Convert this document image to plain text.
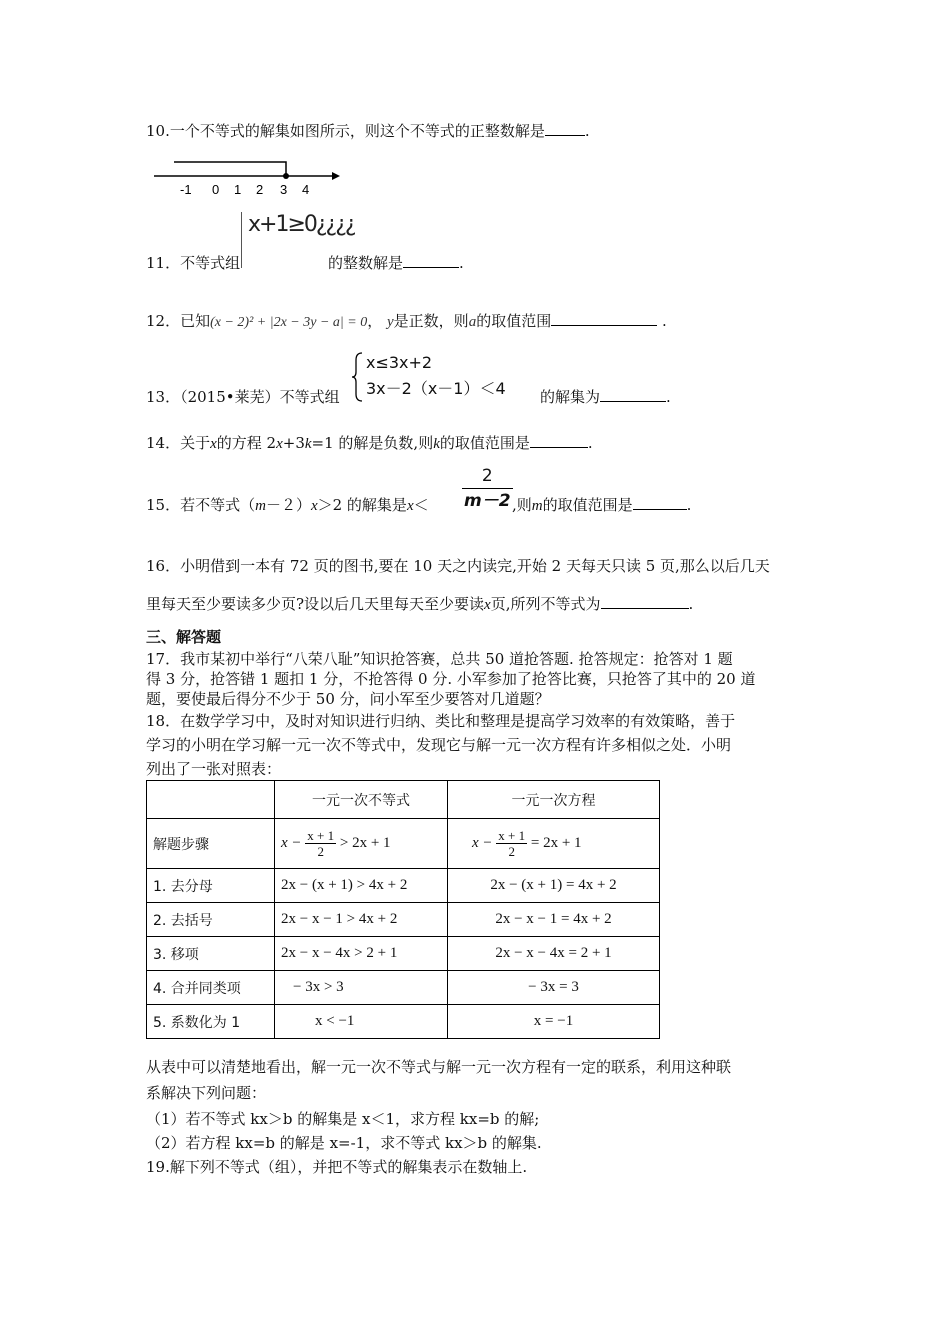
10.一个不等式的解集如图所示，则这个不等式的正整数解是	.
-1 0 1 2 3 4
11．不等式组
x+1≥0¿¿¿¿
的整数解是	.
12．已知(x − 2)² + |2x − 3y − a| = 0， y是正数，则a的取值范围	.
13．（2015•莱芜）不等式组
x≤3x+2
3x－2（x－1）＜4 的解集为	.
14．关于x的方程 2x+3k=1 的解是负数,则k的取值范围是	.
15．若不等式（m－２）x＞2 的解集是$x< \frac{2}{m-2}$ ,则m的取值范围是	.
16．小明借到一本有 72 页的图书,要在 10 天之内读完,开始 2 天每天只读 5 页,那么以后几天
里每天至少要读多少页?设以后几天里每天至少要读x页,所列不等式为	.
三、解答题
17．我市某初中举行“八荣八耻”知识抢答赛，总共 50 道抢答题. 抢答规定：抢答对 1 题
得 3 分，抢答错 1 题扣 1 分，不抢答得 0 分. 小军参加了抢答比赛，只抢答了其中的 20 道
题，要使最后得分不少于 50 分，问小军至少要答对几道题？
18．在数学学习中，及时对知识进行归纳、类比和整理是提高学习效率的有效策略，善于
学习的小明在学习解一元一次不等式中，发现它与解一元一次方程有许多相似之处．小明
列出了一张对照表：
	一元一次不等式	一元一次方程
解题步骤	$x - \frac{x + 1}{2} > 2x + 1$	$x - \frac{x + 1}{2} = 2x + 1$
1. 去分母	2x − (x + 1) > 4x + 2	2x − (x + 1) = 4x + 2
2. 去括号	2x − x − 1 > 4x + 2	2x − x − 1 = 4x + 2
3. 移项	2x − x − 4x > 2 + 1	2x − x − 4x = 2 + 1
4. 合并同类项	− 3x > 3	− 3x = 3
5. 系数化为 1	x < −1	x = −1
从表中可以清楚地看出，解一元一次不等式与解一元一次方程有一定的联系，利用这种联
系解决下列问题：
（1）若不等式 kx＞b 的解集是 x＜1，求方程 kx=b 的解;
（2）若方程 kx=b 的解是 x=-1，求不等式 kx＞b 的解集.
19.解下列不等式（组），并把不等式的解集表示在数轴上.
